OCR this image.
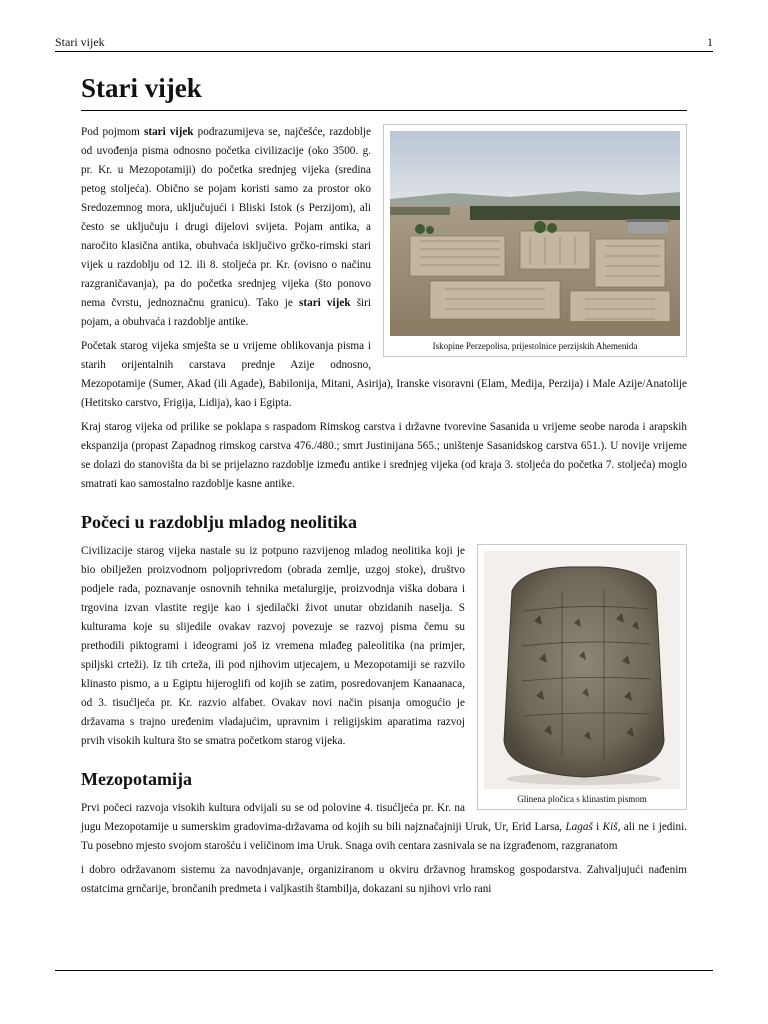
Stari vijek	1
Stari vijek
Iskopine Perzepolisa, prijestolnice perzijskih Ahemenida

Pod pojmom stari vijek podrazumijeva se, najčešće, razdoblje od uvođenja pisma odnosno početka civilizacije (oko 3500. g. pr. Kr. u Mezopotamiji) do početka srednjeg vijeka (sredina petog stoljeća). Obično se pojam koristi samo za prostor oko Sredozemnog mora, uključujući i Bliski Istok (s Perzijom), ali često se uključuju i drugi dijelovi svijeta. Pojam antika, a naročito klasična antika, obuhvaća isključivo grčko-rimski stari vijek u razdoblju od 12. ili 8. stoljeća pr. Kr. (ovisno o načinu razgraničavanja), pa do početka srednjeg vijeka (što ponovo nema čvrstu, jednoznačnu granicu). Tako je stari vijek širi pojam, a obuhvaća i razdoblje antike.

Početak starog vijeka smješta se u vrijeme oblikovanja pisma i starih orijentalnih carstava prednje Azije odnosno, Mezopotamije (Sumer, Akad (ili Agade), Babilonija, Mitani, Asirija), Iranske visoravni (Elam, Medija, Perzija) i Male Azije/Anatolije (Hetitsko carstvo, Frigija, Lidija), kao i Egipta.

Kraj starog vijeka od prilike se poklapa s raspadom Rimskog carstva i državne tvorevine Sasanida u vrijeme seobe naroda i arapskih ekspanzija (propast Zapadnog rimskog carstva 476./480.; smrt Justinijana 565.; uništenje Sasanidskog carstva 651.). U novije vrijeme se dolazi do stanovišta da bi se prijelazno razdoblje između antike i srednjeg vijeka (od kraja 3. stoljeća do početka 7. stoljeća) moglo smatrati kao samostalno razdoblje kasne antike.

Počeci u razdoblju mladog neolitika
Glinena pločica s klinastim pismom

Civilizacije starog vijeka nastale su iz potpuno razvijenog mladog neolitika koji je bio obilježen proizvodnom poljoprivredom (obrada zemlje, uzgoj stoke), društvo podjele rada, poznavanje osnovnih tehnika metalurgije, proizvodnja viška dobara i trgovina izvan vlastite regije kao i sjedilački život unutar obzidanih naselja. S kulturama koje su slijedile ovakav razvoj povezuje se razvoj pisma čemu su prethodili piktogrami i ideogrami još iz vremena mlađeg paleolitika (na primjer, spiljski crteži). Iz tih crteža, ili pod njihovim utjecajem, u Mezopotamiji se razvilo klinasto pismo, a u Egiptu hijeroglifi od kojih se zatim, posredovanjem Kanaanaca, od 3. tisućljeća pr. Kr. razvio alfabet. Ovakav novi način pisanja omogućio je državama s trajno uređenim vladajućim, upravnim i religijskim aparatima razvoj prvih visokih kultura što se smatra početkom starog vijeka.

Mezopotamija

Prvi počeci razvoja visokih kultura odvijali su se od polovine 4. tisućljeća pr. Kr. na jugu Mezopotamije u sumerskim gradovima-državama od kojih su bili najznačajniji Uruk, Ur, Erid Larsa, Lagaš i Kiš, ali ne i jedini. Tu posebno mjesto svojom starošću i veličinom ima Uruk. Snaga ovih centara zasnivala se na izgrađenom, razgranatom

i dobro održavanom sistemu za navodnjavanje, organiziranom u okviru državnog hramskog gospodarstva. Zahvaljujući nađenim ostatcima grnčarije, brončanih predmeta i valjkastih štambilja, dokazani su njihovi vrlo rani
